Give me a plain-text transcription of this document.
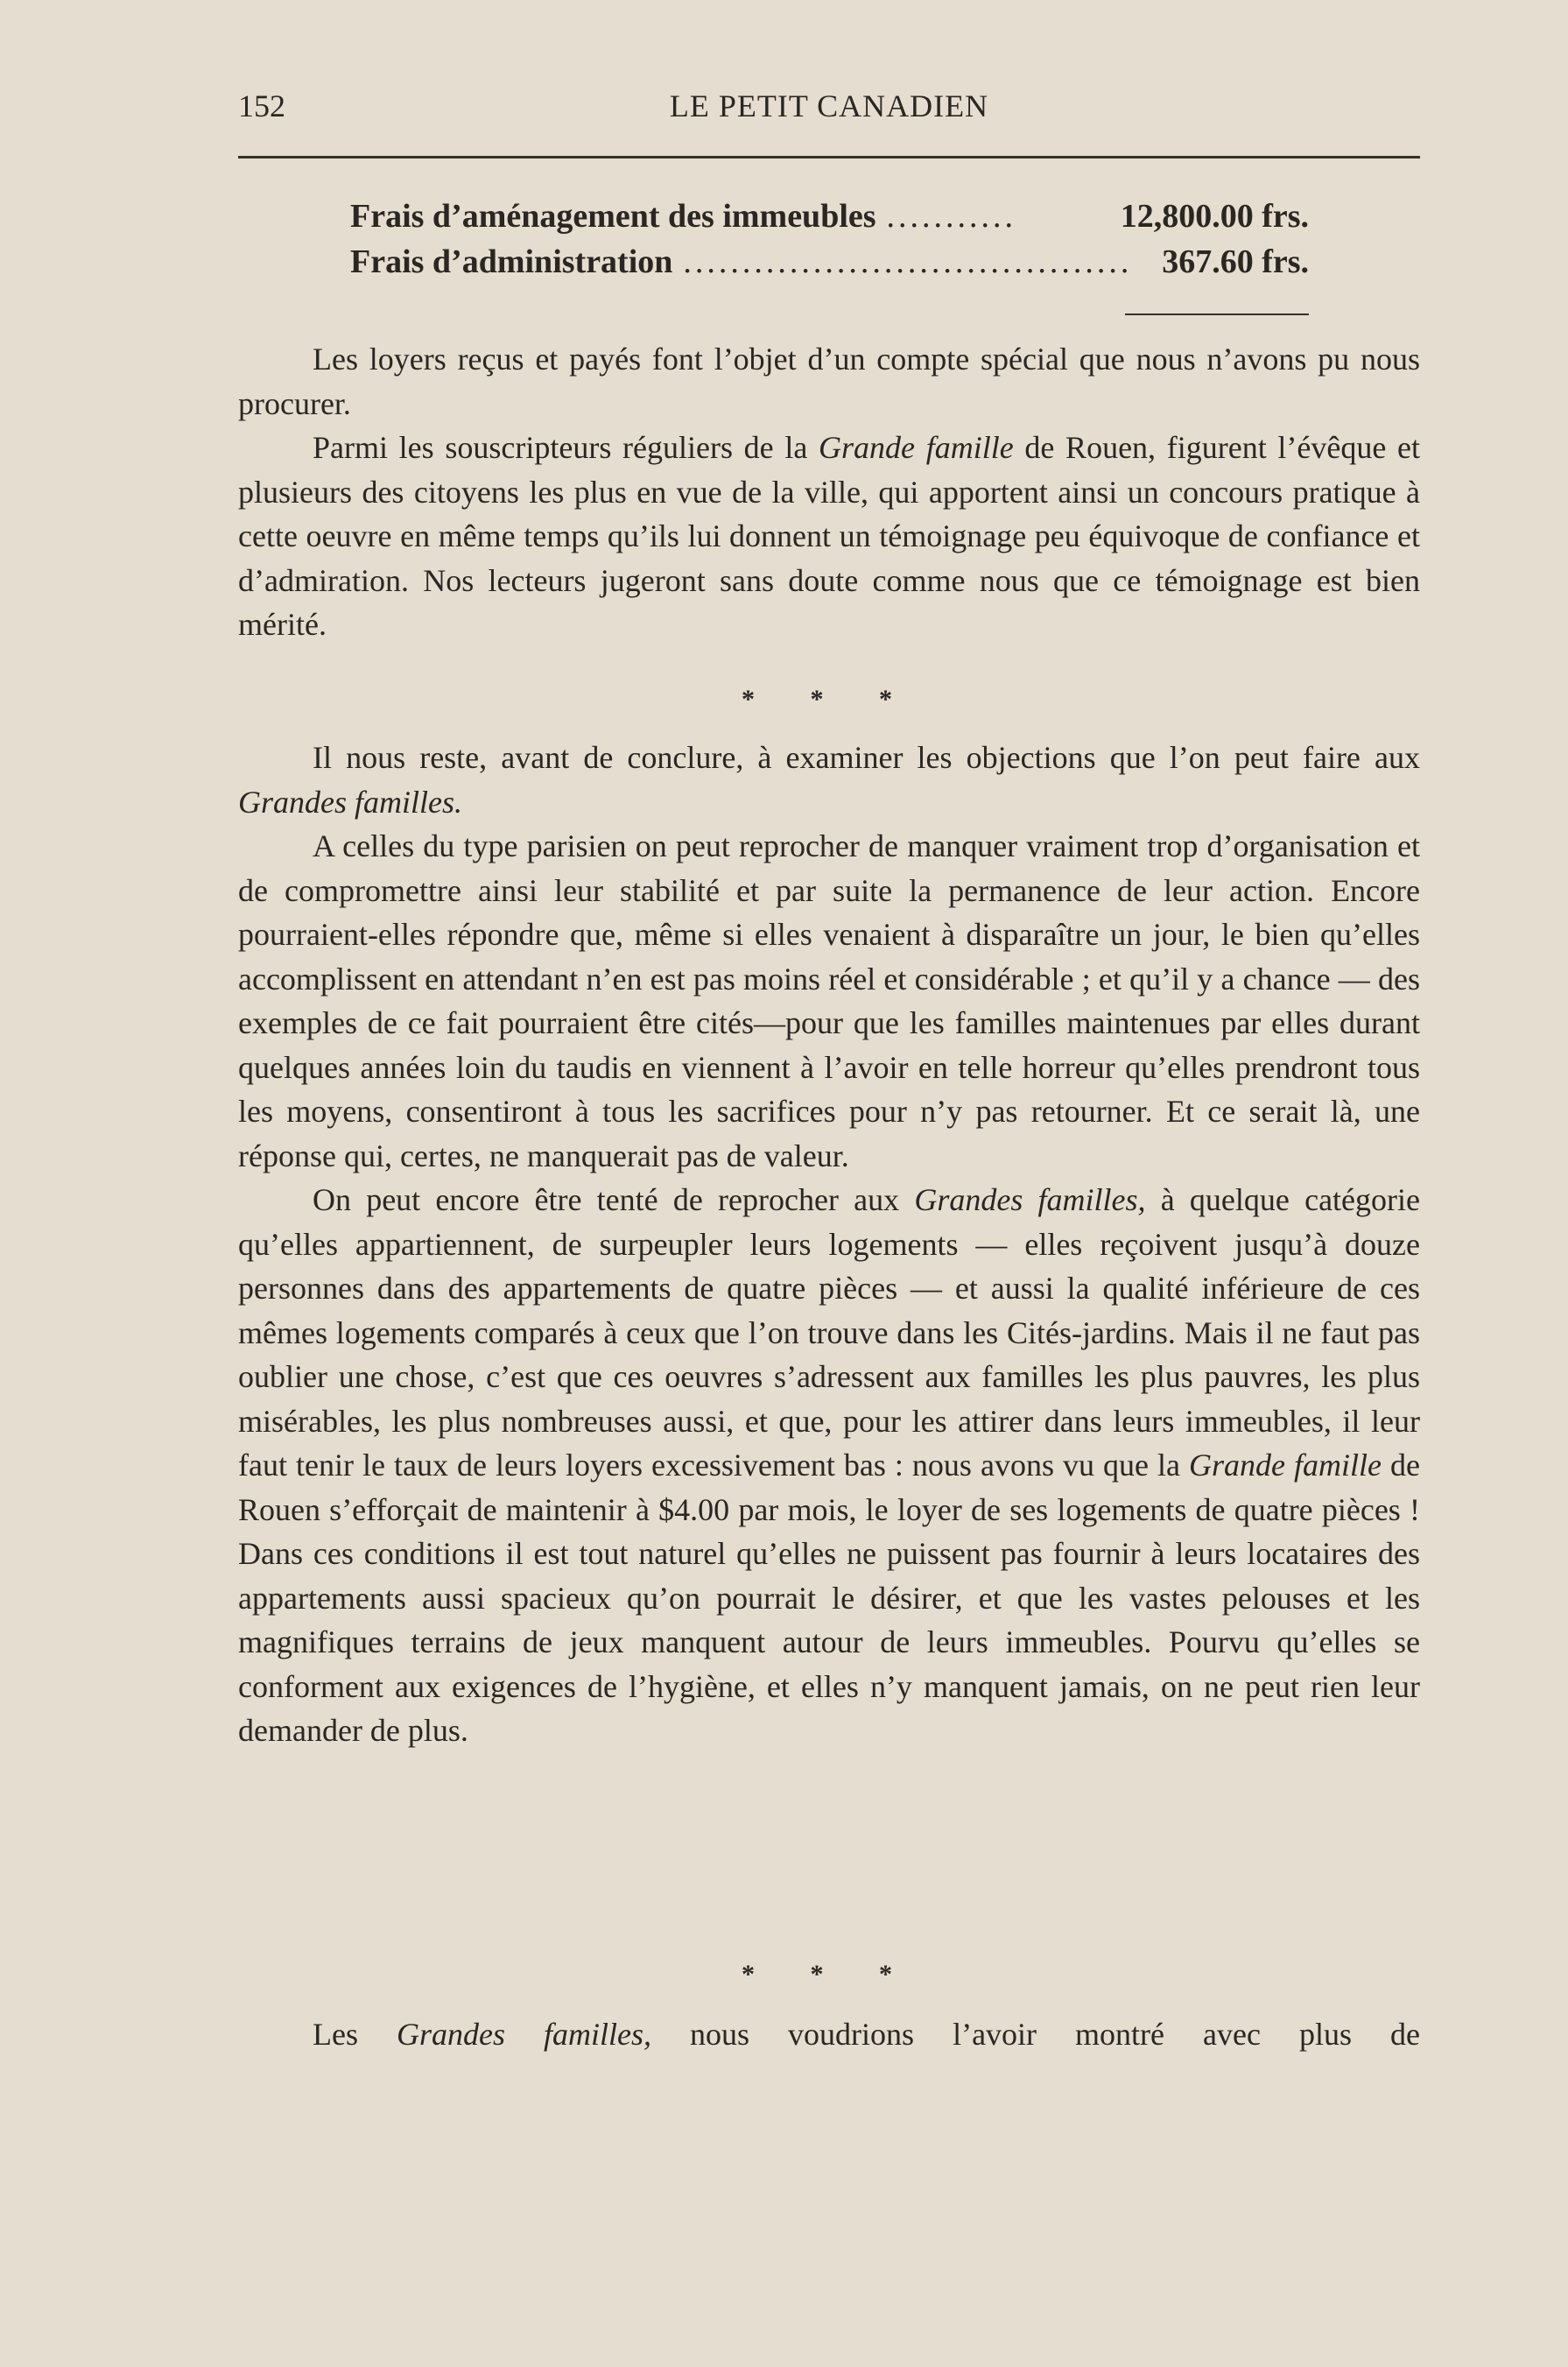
152	LE PETIT CANADIEN
Frais d’aménagement des immeubles ...........	12,800.00 frs.
Frais d’administration ...................................... 367.60 frs.

Les loyers reçus et payés font l’objet d’un compte spécial que nous n’avons pu nous procurer.

Parmi les souscripteurs réguliers de la Grande famille de Rouen, figurent l’évêque et plusieurs des citoyens les plus en vue de la ville, qui apportent ainsi un concours pratique à cette oeuvre en même temps qu’ils lui donnent un témoignage peu équivoque de confiance et d’admiration. Nos lecteurs jugeront sans doute comme nous que ce témoignage est bien mérité.

* * *

Il nous reste, avant de conclure, à examiner les objections que l’on peut faire aux Grandes familles.

A celles du type parisien on peut reprocher de manquer vraiment trop d’organisation et de compromettre ainsi leur stabilité et par suite la permanence de leur action. Encore pourraient-elles répondre que, même si elles venaient à disparaître un jour, le bien qu’elles accomplissent en attendant n’en est pas moins réel et considérable ; et qu’il y a chance — des exemples de ce fait pourraient être cités—pour que les familles maintenues par elles durant quelques années loin du taudis en viennent à l’avoir en telle horreur qu’elles prendront tous les moyens, consentiront à tous les sacrifices pour n’y pas retourner. Et ce serait là, une réponse qui, certes, ne manquerait pas de valeur.

On peut encore être tenté de reprocher aux Grandes familles, à quelque catégorie qu’elles appartiennent, de surpeupler leurs logements — elles reçoivent jusqu’à douze personnes dans des appartements de quatre pièces — et aussi la qualité inférieure de ces mêmes logements comparés à ceux que l’on trouve dans les Cités-jardins. Mais il ne faut pas oublier une chose, c’est que ces oeuvres s’adressent aux familles les plus pauvres, les plus misérables, les plus nombreuses aussi, et que, pour les attirer dans leurs immeubles, il leur faut tenir le taux de leurs loyers excessivement bas : nous avons vu que la Grande famille de Rouen s’efforçait de maintenir à $4.00 par mois, le loyer de ses logements de quatre pièces ! Dans ces conditions il est tout naturel qu’elles ne puissent pas fournir à leurs locataires des appartements aussi spacieux qu’on pourrait le désirer, et que les vastes pelouses et les magnifiques terrains de jeux manquent autour de leurs immeubles. Pourvu qu’elles se conforment aux exigences de l’hygiène, et elles n’y manquent jamais, on ne peut rien leur demander de plus.

* * *

Les Grandes familles, nous voudrions l’avoir montré avec plus de
